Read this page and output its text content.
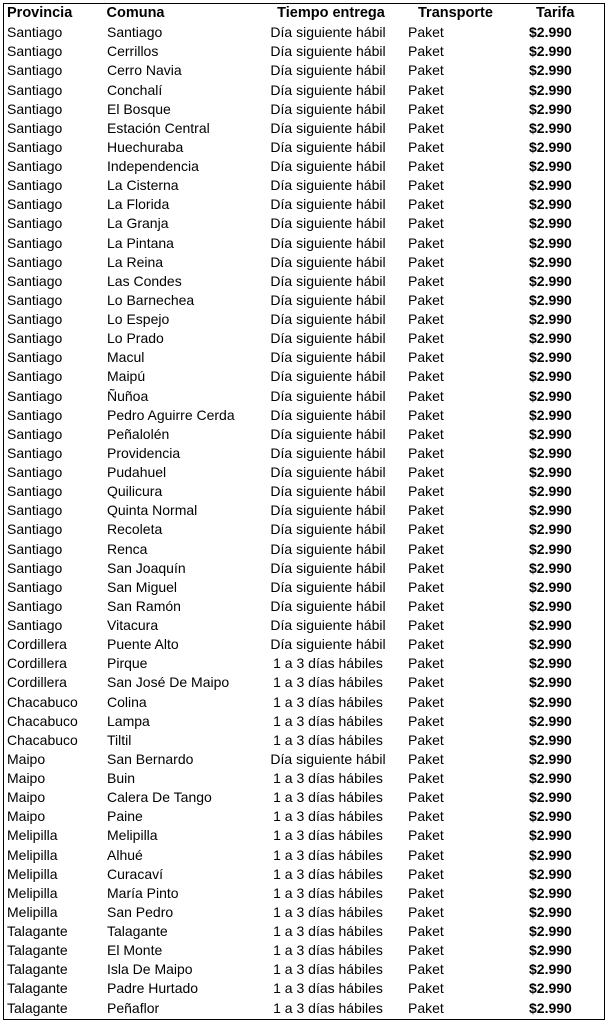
Provincia	Comuna	Tiempo entrega	Transporte	Tarifa
Santiago	Santiago	Día siguiente hábil	Paket	$2.990
Santiago	Cerrillos	Día siguiente hábil	Paket	$2.990
Santiago	Cerro Navia	Día siguiente hábil	Paket	$2.990
Santiago	Conchalí	Día siguiente hábil	Paket	$2.990
Santiago	El Bosque	Día siguiente hábil	Paket	$2.990
Santiago	Estación Central	Día siguiente hábil	Paket	$2.990
Santiago	Huechuraba	Día siguiente hábil	Paket	$2.990
Santiago	Independencia	Día siguiente hábil	Paket	$2.990
Santiago	La Cisterna	Día siguiente hábil	Paket	$2.990
Santiago	La Florida	Día siguiente hábil	Paket	$2.990
Santiago	La Granja	Día siguiente hábil	Paket	$2.990
Santiago	La Pintana	Día siguiente hábil	Paket	$2.990
Santiago	La Reina	Día siguiente hábil	Paket	$2.990
Santiago	Las Condes	Día siguiente hábil	Paket	$2.990
Santiago	Lo Barnechea	Día siguiente hábil	Paket	$2.990
Santiago	Lo Espejo	Día siguiente hábil	Paket	$2.990
Santiago	Lo Prado	Día siguiente hábil	Paket	$2.990
Santiago	Macul	Día siguiente hábil	Paket	$2.990
Santiago	Maipú	Día siguiente hábil	Paket	$2.990
Santiago	Ñuñoa	Día siguiente hábil	Paket	$2.990
Santiago	Pedro Aguirre Cerda	Día siguiente hábil	Paket	$2.990
Santiago	Peñalolén	Día siguiente hábil	Paket	$2.990
Santiago	Providencia	Día siguiente hábil	Paket	$2.990
Santiago	Pudahuel	Día siguiente hábil	Paket	$2.990
Santiago	Quilicura	Día siguiente hábil	Paket	$2.990
Santiago	Quinta Normal	Día siguiente hábil	Paket	$2.990
Santiago	Recoleta	Día siguiente hábil	Paket	$2.990
Santiago	Renca	Día siguiente hábil	Paket	$2.990
Santiago	San Joaquín	Día siguiente hábil	Paket	$2.990
Santiago	San Miguel	Día siguiente hábil	Paket	$2.990
Santiago	San Ramón	Día siguiente hábil	Paket	$2.990
Santiago	Vitacura	Día siguiente hábil	Paket	$2.990
Cordillera	Puente Alto	Día siguiente hábil	Paket	$2.990
Cordillera	Pirque	1 a 3 días hábiles	Paket	$2.990
Cordillera	San José De Maipo	1 a 3 días hábiles	Paket	$2.990
Chacabuco	Colina	1 a 3 días hábiles	Paket	$2.990
Chacabuco	Lampa	1 a 3 días hábiles	Paket	$2.990
Chacabuco	Tiltil	1 a 3 días hábiles	Paket	$2.990
Maipo	San Bernardo	Día siguiente hábil	Paket	$2.990
Maipo	Buin	1 a 3 días hábiles	Paket	$2.990
Maipo	Calera De Tango	1 a 3 días hábiles	Paket	$2.990
Maipo	Paine	1 a 3 días hábiles	Paket	$2.990
Melipilla	Melipilla	1 a 3 días hábiles	Paket	$2.990
Melipilla	Alhué	1 a 3 días hábiles	Paket	$2.990
Melipilla	Curacaví	1 a 3 días hábiles	Paket	$2.990
Melipilla	María Pinto	1 a 3 días hábiles	Paket	$2.990
Melipilla	San Pedro	1 a 3 días hábiles	Paket	$2.990
Talagante	Talagante	1 a 3 días hábiles	Paket	$2.990
Talagante	El Monte	1 a 3 días hábiles	Paket	$2.990
Talagante	Isla De Maipo	1 a 3 días hábiles	Paket	$2.990
Talagante	Padre Hurtado	1 a 3 días hábiles	Paket	$2.990
Talagante	Peñaflor	1 a 3 días hábiles	Paket	$2.990
